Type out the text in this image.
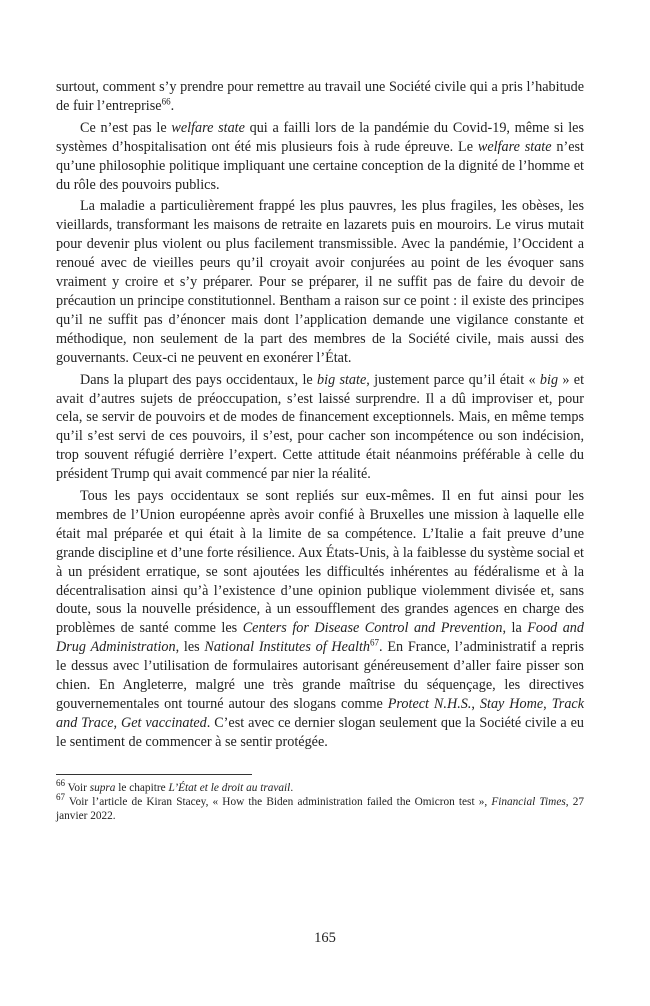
surtout, comment s’y prendre pour remettre au travail une Société civile qui a pris l’habitude de fuir l’entreprise$^{66}$.

Ce n’est pas le welfare state qui a failli lors de la pandémie du Covid-19, même si les systèmes d’hospitalisation ont été mis plusieurs fois à rude épreuve. Le welfare state n’est qu’une philosophie politique impliquant une certaine conception de la dignité de l’homme et du rôle des pouvoirs publics.

La maladie a particulièrement frappé les plus pauvres, les plus fragiles, les obèses, les vieillards, transformant les maisons de retraite en lazarets puis en mouroirs. Le virus mutait pour devenir plus violent ou plus facilement transmissible. Avec la pandémie, l’Occident a renoué avec de vieilles peurs qu’il croyait avoir conjurées au point de les évoquer sans vraiment y croire et s’y préparer. Pour se préparer, il ne suffit pas de faire du devoir de précaution un principe constitutionnel. Bentham a raison sur ce point : il existe des principes qu’il ne suffit pas d’énoncer mais dont l’application demande une vigilance constante et méthodique, non seulement de la part des membres de la Société civile, mais aussi des gouvernants. Ceux-ci ne peuvent en exonérer l’État.

Dans la plupart des pays occidentaux, le big state, justement parce qu’il était « big » et avait d’autres sujets de préoccupation, s’est laissé surprendre. Il a dû improviser et, pour cela, se servir de pouvoirs et de modes de financement exceptionnels. Mais, en même temps qu’il s’est servi de ces pouvoirs, il s’est, pour cacher son incompétence ou son indécision, trop souvent réfugié derrière l’expert. Cette attitude était néanmoins préférable à celle du président Trump qui avait commencé par nier la réalité.

Tous les pays occidentaux se sont repliés sur eux-mêmes. Il en fut ainsi pour les membres de l’Union européenne après avoir confié à Bruxelles une mission à laquelle elle était mal préparée et qui était à la limite de sa compétence. L’Italie a fait preuve d’une grande discipline et d’une forte résilience. Aux États-Unis, à la faiblesse du système social et à un président erratique, se sont ajoutées les difficultés inhérentes au fédéralisme et à la décentralisation ainsi qu’à l’existence d’une opinion publique violemment divisée et, sans doute, sous la nouvelle présidence, à un essoufflement des grandes agences en charge des problèmes de santé comme les Centers for Disease Control and Prevention, la Food and Drug Administration, les National Institutes of Health$^{67}$. En France, l’administratif a repris le dessus avec l’utilisation de formulaires autorisant généreusement d’aller faire pisser son chien. En Angleterre, malgré une très grande maîtrise du séquençage, les directives gouvernementales ont tourné autour des slogans comme Protect N.H.S., Stay Home, Track and Trace, Get vaccinated. C’est avec ce dernier slogan seulement que la Société civile a eu le sentiment de commencer à se sentir protégée.

$^{66}$ Voir supra le chapitre L’État et le droit au travail.

$^{67}$ Voir l’article de Kiran Stacey, « How the Biden administration failed the Omicron test », Financial Times, 27 janvier 2022.

165
